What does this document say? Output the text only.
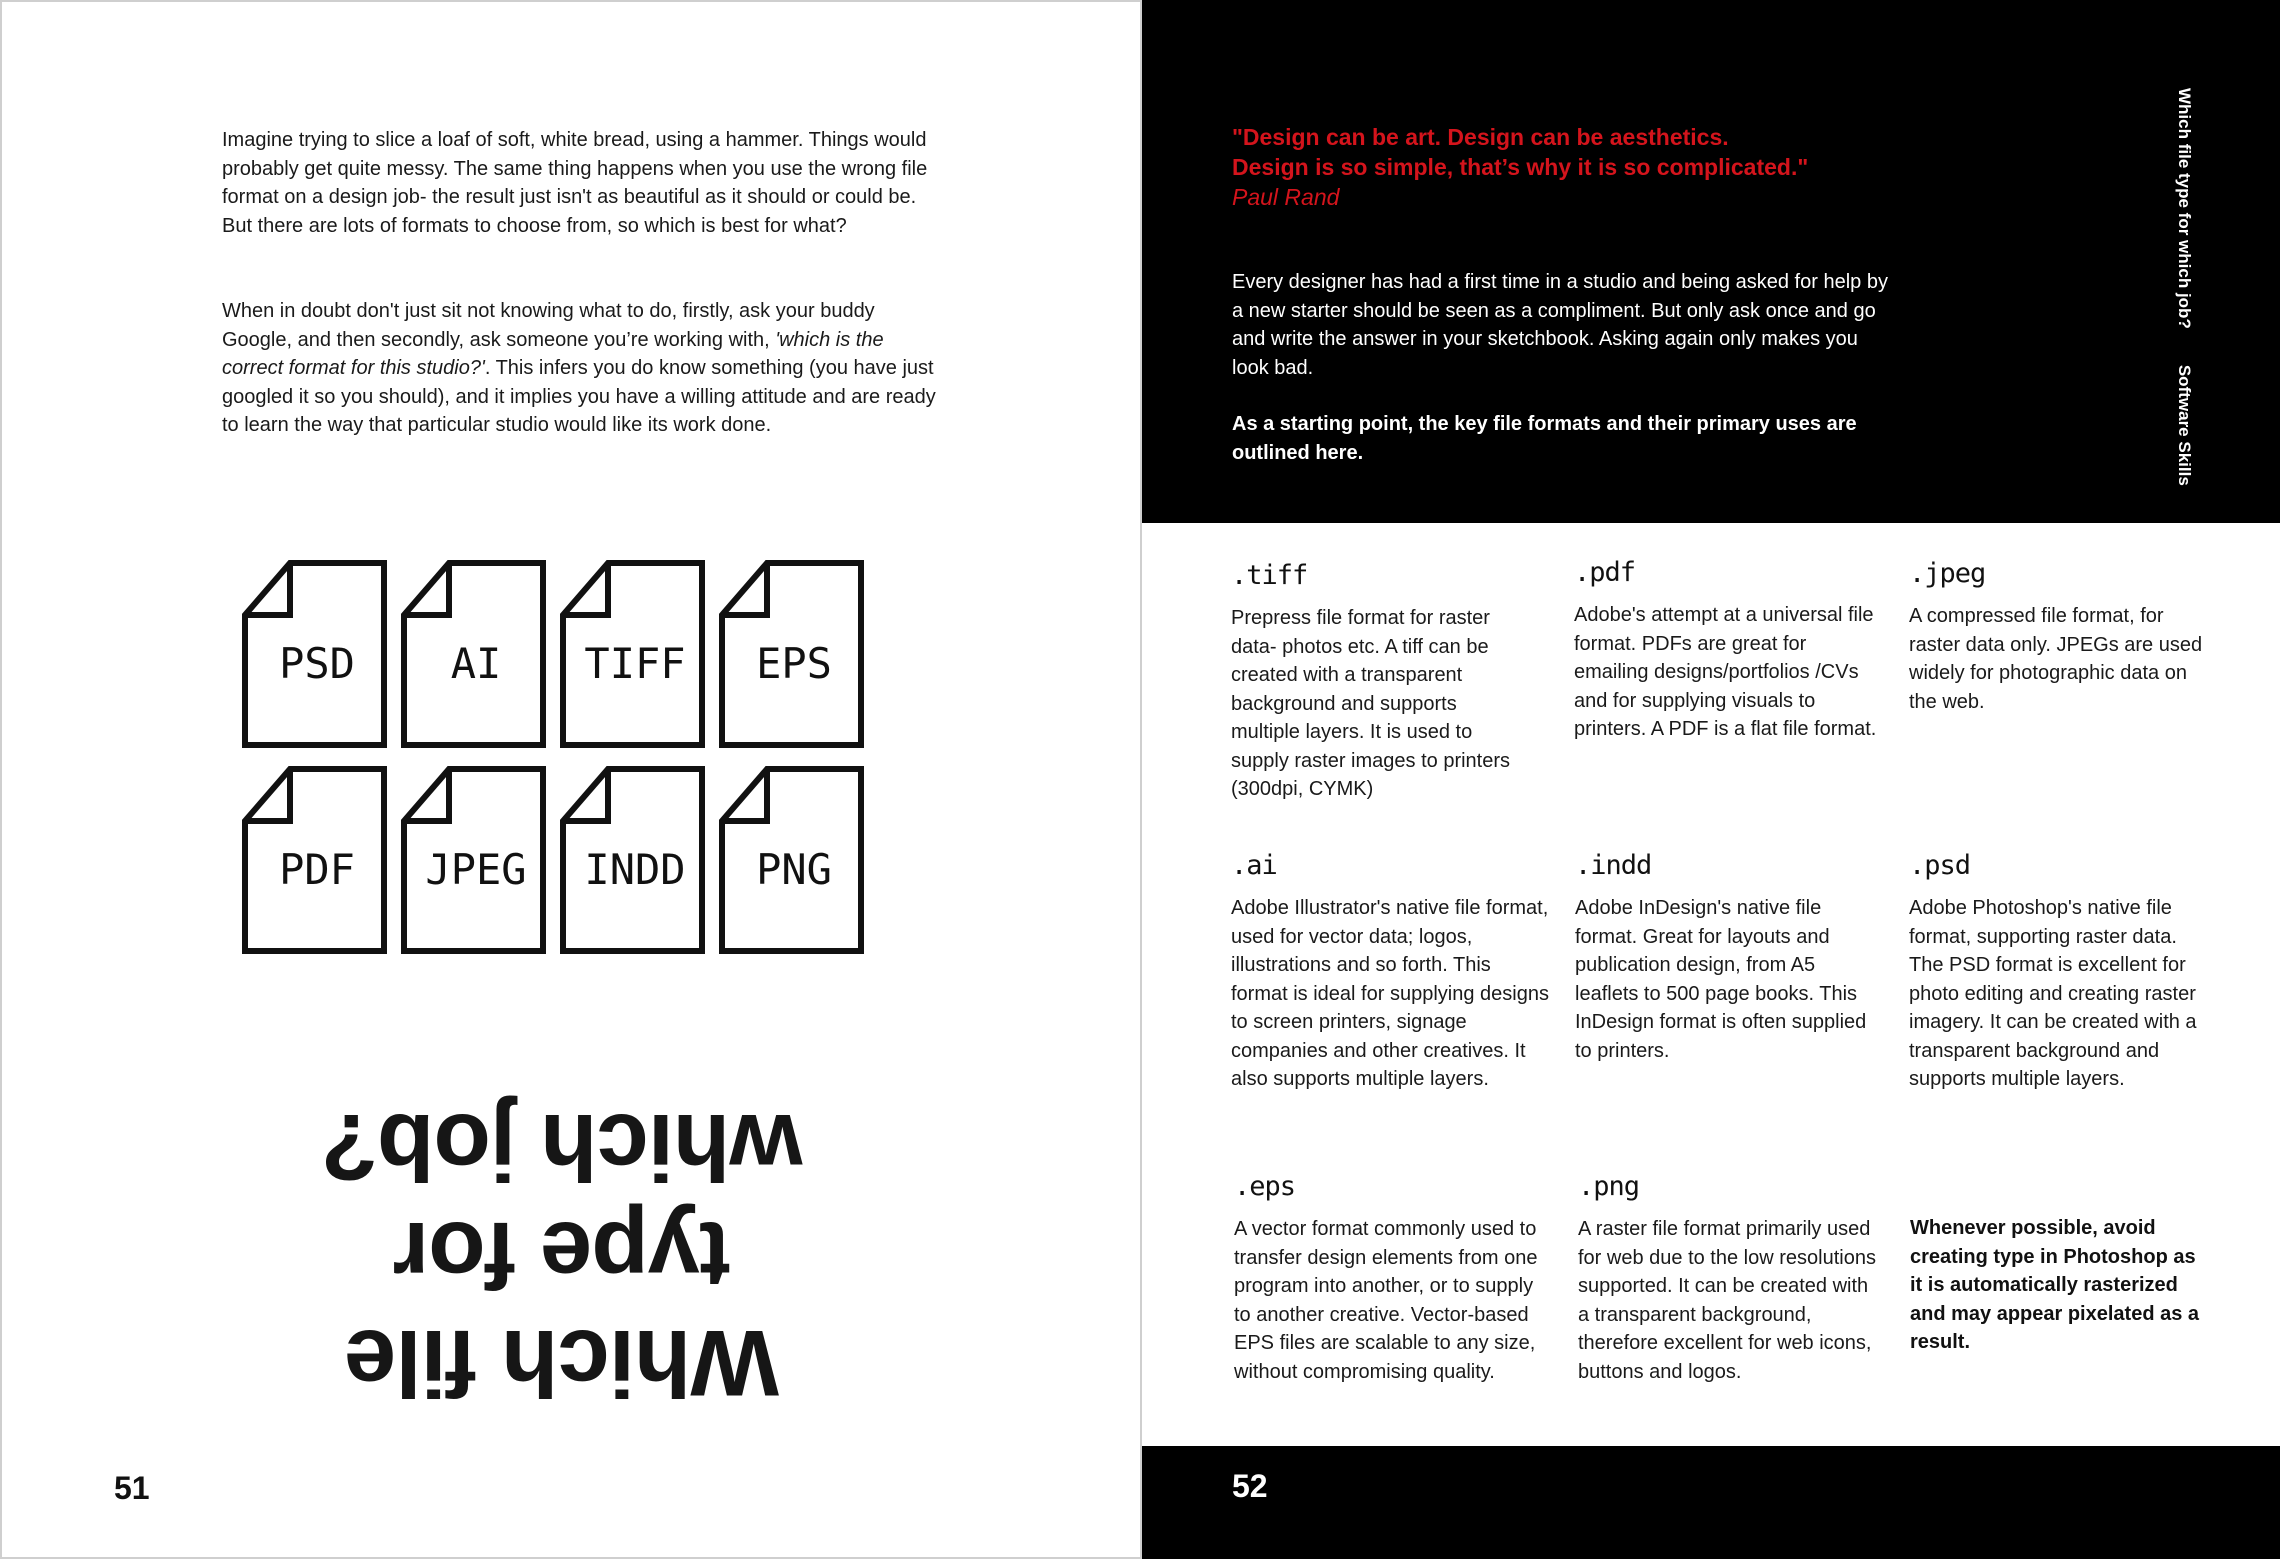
Imagine trying to slice a loaf of soft, white bread, using a hammer. Things would probably get quite messy. The same thing happens when you use the wrong file format on a design job- the result just isn't as beautiful as it should or could be. But there are lots of formats to choose from, so which is best for what?

When in doubt don't just sit not knowing what to do, firstly, ask your buddy Google, and then secondly, ask someone you’re working with, 'which is the correct format for this studio?'. This infers you do know something (you have just googled it so you should), and it implies you have a willing attitude and are ready to learn the way that particular studio would like its work done.

PSD	AI	TIFF	EPS
PDF	JPEG	INDD	PNG
Which file
type for
which job?
51
"Design can be art. Design can be aesthetics.
Design is so simple, that’s why it is so complicated."
Paul Rand

Every designer has had a first time in a studio and being asked for help by a new starter should be seen as a compliment. But only ask once and go and write the answer in your sketchbook. Asking again only makes you look bad.

As a starting point, the key file formats and their primary uses are outlined here.

Which file type for which job?Software Skills
.tiff
Prepress file format for raster data- photos etc. A tiff can be created with a transparent background and supports multiple layers. It is used to supply raster images to printers (300dpi, CYMK)
.pdf
Adobe's attempt at a universal file format. PDFs are great for emailing designs/portfolios /CVs and for supplying visuals to printers. A PDF is a flat file format.
.jpeg
A compressed file format, for raster data only. JPEGs are used widely for photographic data on the web.
.ai
Adobe Illustrator's native file format, used for vector data; logos, illustrations and so forth. This format is ideal for supplying designs to screen printers, signage companies and other creatives. It also supports multiple layers.
.indd
Adobe InDesign's native file format. Great for layouts and publication design, from A5 leaflets to 500 page books. This InDesign format is often supplied to printers.
.psd
Adobe Photoshop's native file format, supporting raster data. The PSD format is excellent for photo editing and creating raster imagery. It can be created with a transparent background and supports multiple layers.
.eps
A vector format commonly used to transfer design elements from one program into another, or to supply to another creative. Vector-based EPS files are scalable to any size, without compromising quality.
.png
A raster file format primarily used for web due to the low resolutions supported. It can be created with a transparent background, therefore excellent for web icons, buttons and logos.
Whenever possible, avoid creating type in Photoshop as it is automatically rasterized and may appear pixelated as a result.
52
